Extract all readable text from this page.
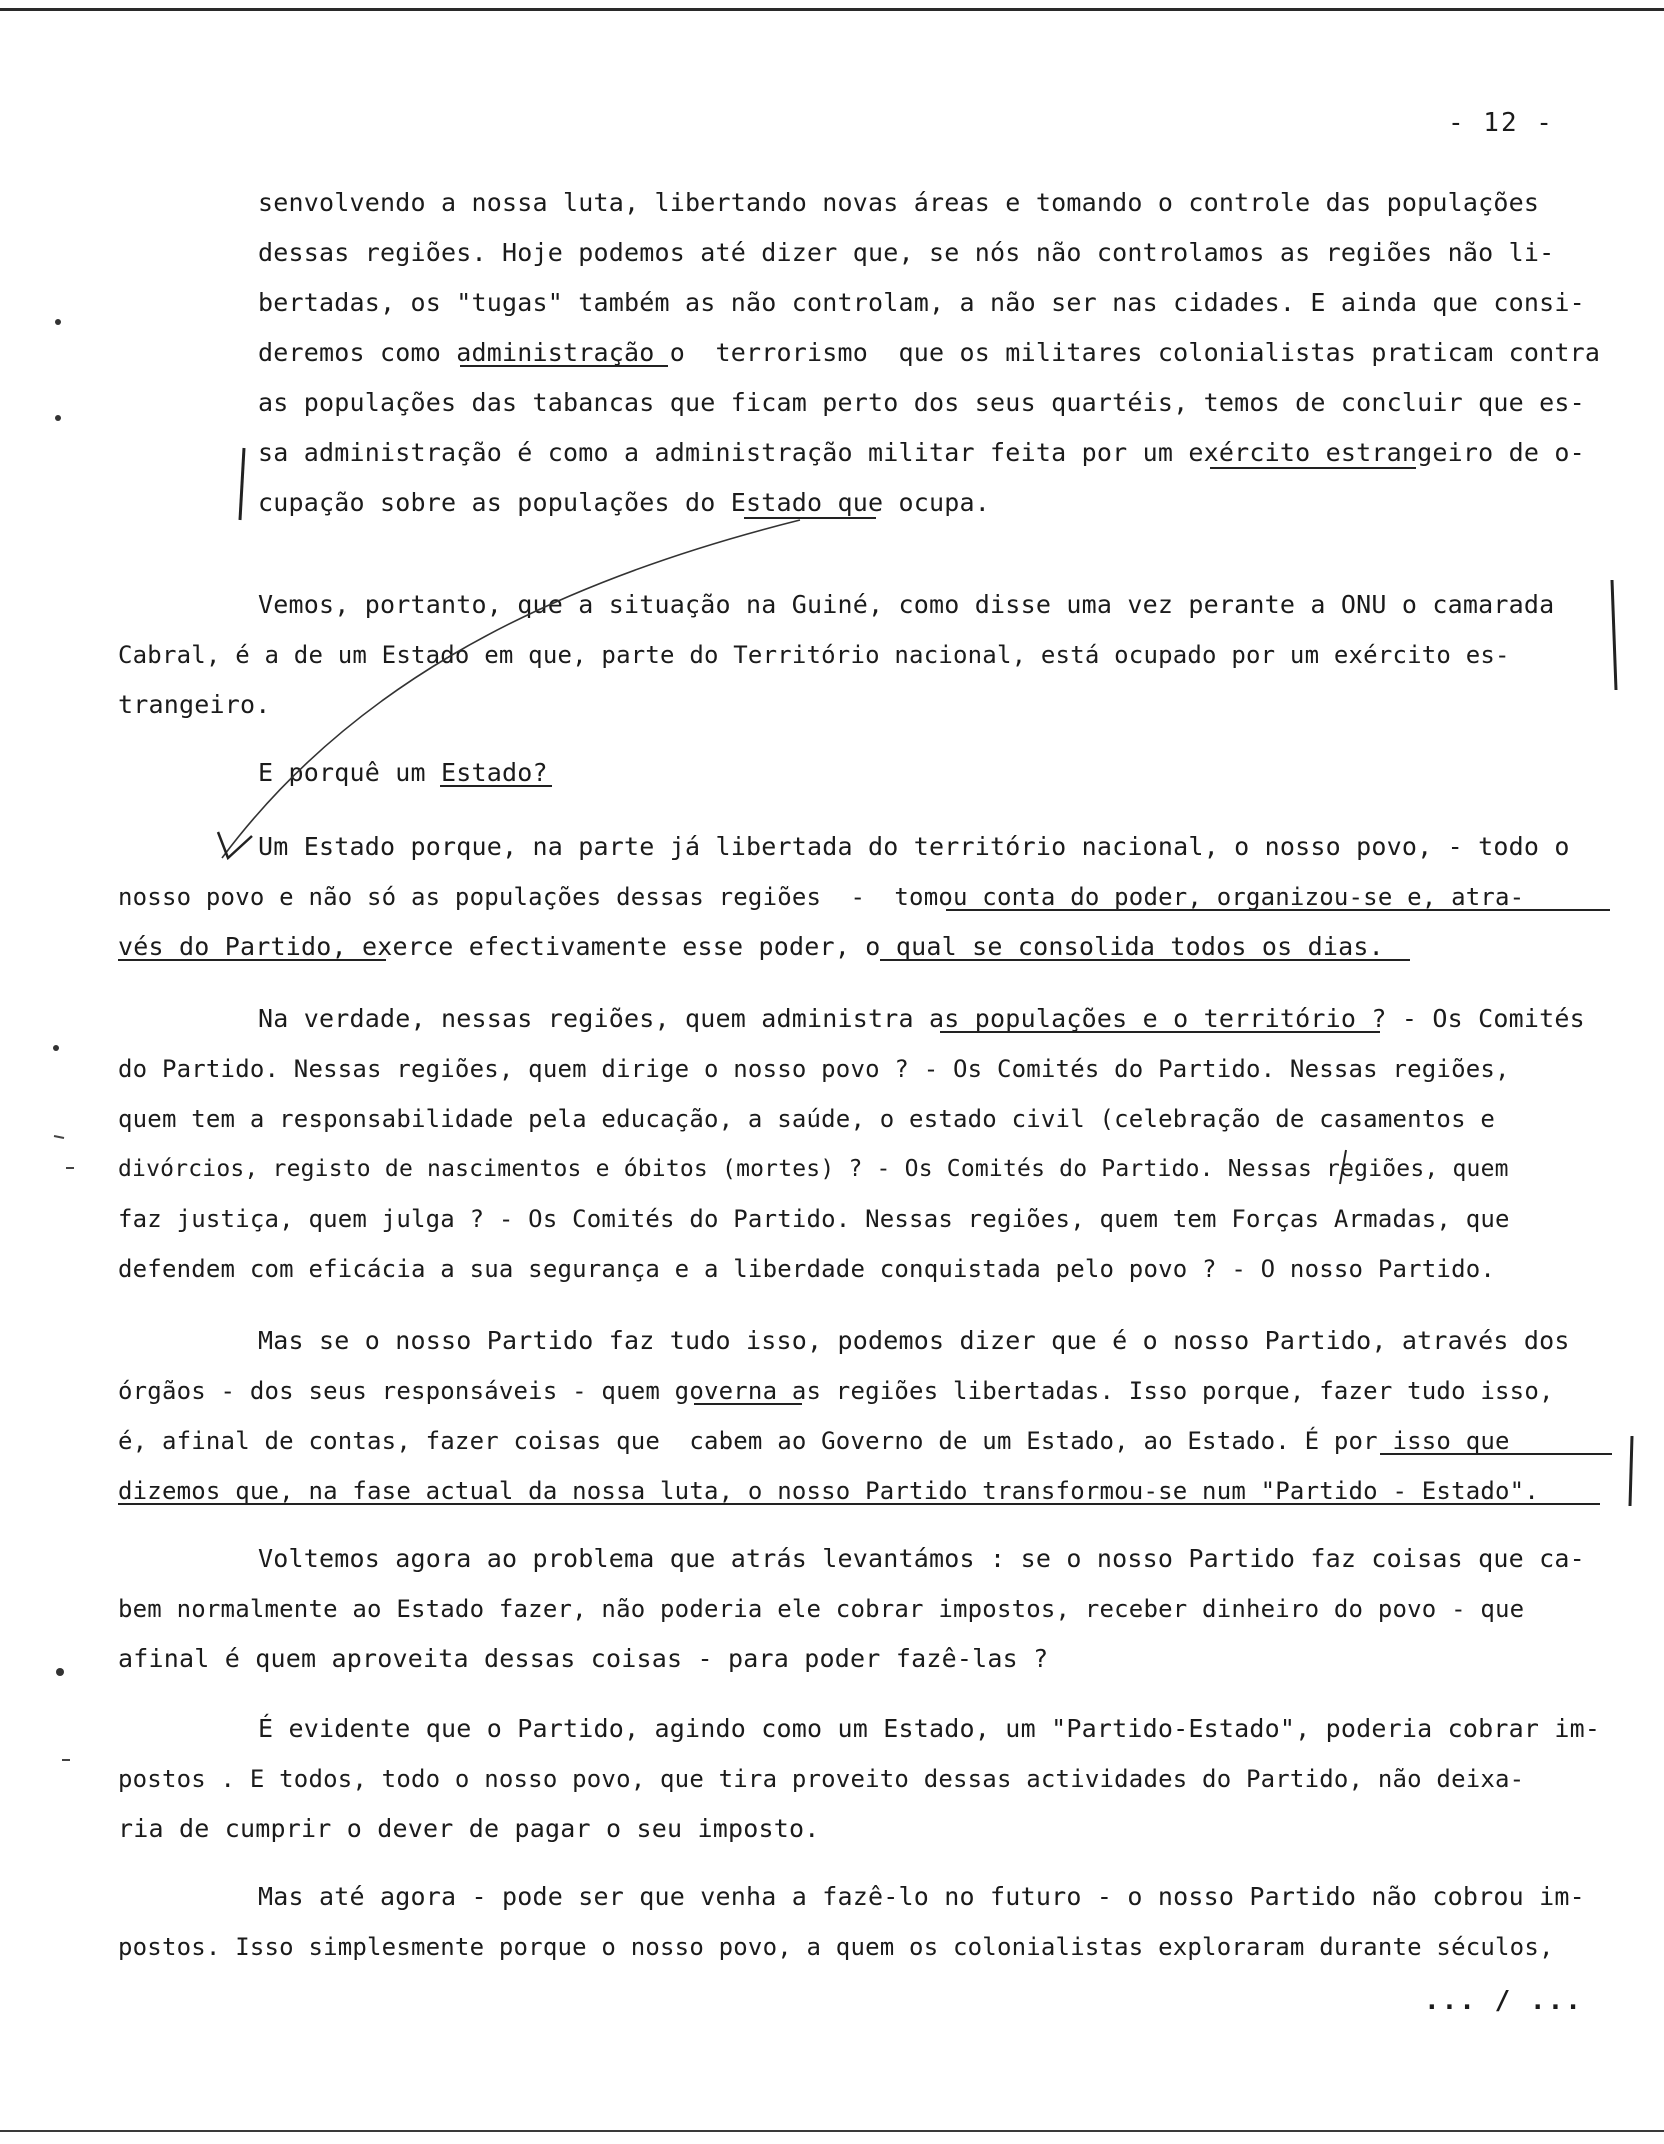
- 12 -
senvolvendo a nossa luta, libertando novas áreas e tomando o controle das populações
dessas regiões. Hoje podemos até dizer que, se nós não controlamos as regiões não li-
bertadas, os "tugas" também as não controlam, a não ser nas cidades. E ainda que consi-
deremos como administração o  terrorismo  que os militares colonialistas praticam contra
as populações das tabancas que ficam perto dos seus quartéis, temos de concluir que es-
sa administração é como a administração militar feita por um exército estrangeiro de o-
cupação sobre as populações do Estado que ocupa.
Vemos, portanto, que a situação na Guiné, como disse uma vez perante a ONU o camarada
Cabral, é a de um Estado em que, parte do Território nacional, está ocupado por um exército es-
trangeiro.
E porquê um Estado?
Um Estado porque, na parte já libertada do território nacional, o nosso povo, - todo o
nosso povo e não só as populações dessas regiões  -  tomou conta do poder, organizou-se e, atra-
vés do Partido, exerce efectivamente esse poder, o qual se consolida todos os dias.
Na verdade, nessas regiões, quem administra as populações e o território ? - Os Comités
do Partido. Nessas regiões, quem dirige o nosso povo ? - Os Comités do Partido. Nessas regiões,
quem tem a responsabilidade pela educação, a saúde, o estado civil (celebração de casamentos e
divórcios, registo de nascimentos e óbitos (mortes) ? - Os Comités do Partido. Nessas regiões, quem
faz justiça, quem julga ? - Os Comités do Partido. Nessas regiões, quem tem Forças Armadas, que
defendem com eficácia a sua segurança e a liberdade conquistada pelo povo ? - O nosso Partido.
Mas se o nosso Partido faz tudo isso, podemos dizer que é o nosso Partido, através dos
órgãos - dos seus responsáveis - quem governa as regiões libertadas. Isso porque, fazer tudo isso,
é, afinal de contas, fazer coisas que  cabem ao Governo de um Estado, ao Estado. É por isso que
dizemos que, na fase actual da nossa luta, o nosso Partido transformou-se num "Partido - Estado".
Voltemos agora ao problema que atrás levantámos : se o nosso Partido faz coisas que ca-
bem normalmente ao Estado fazer, não poderia ele cobrar impostos, receber dinheiro do povo - que
afinal é quem aproveita dessas coisas - para poder fazê-las ?
É evidente que o Partido, agindo como um Estado, um "Partido-Estado", poderia cobrar im-
postos . E todos, todo o nosso povo, que tira proveito dessas actividades do Partido, não deixa-
ria de cumprir o dever de pagar o seu imposto.
Mas até agora - pode ser que venha a fazê-lo no futuro - o nosso Partido não cobrou im-
postos. Isso simplesmente porque o nosso povo, a quem os colonialistas exploraram durante séculos,
... / ...
